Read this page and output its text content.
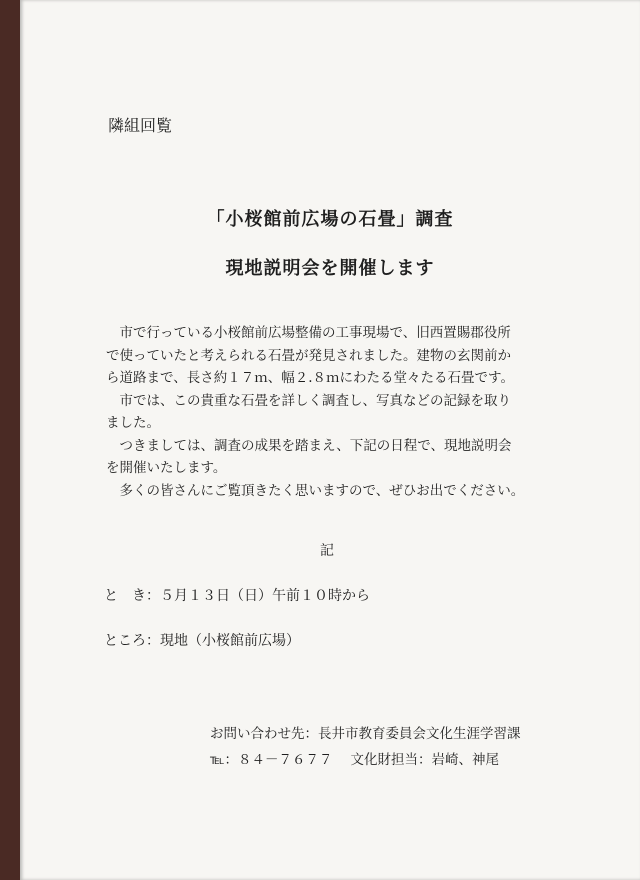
隣組回覧
「小桜館前広場の石畳」調査
現地説明会を開催します

　市で行っている小桜館前広場整備の工事現場で、旧西置賜郡役所

で使っていたと考えられる石畳が発見されました。建物の玄関前か

ら道路まで、長さ約１７ｍ、幅２.８ｍにわたる堂々たる石畳です。

　市では、この貴重な石畳を詳しく調査し、写真などの記録を取り

ました。

　つきましては、調査の成果を踏まえ、下記の日程で、現地説明会

を開催いたします。

　多くの皆さんにご覧頂きたく思いますので、ぜひお出でください。

記
と　き：５月１３日（日）午前１０時から
ところ：現地（小桜館前広場）
お問い合わせ先：長井市教育委員会文化生涯学習課
℡：８４－７６７７ 文化財担当：岩崎、神尾
